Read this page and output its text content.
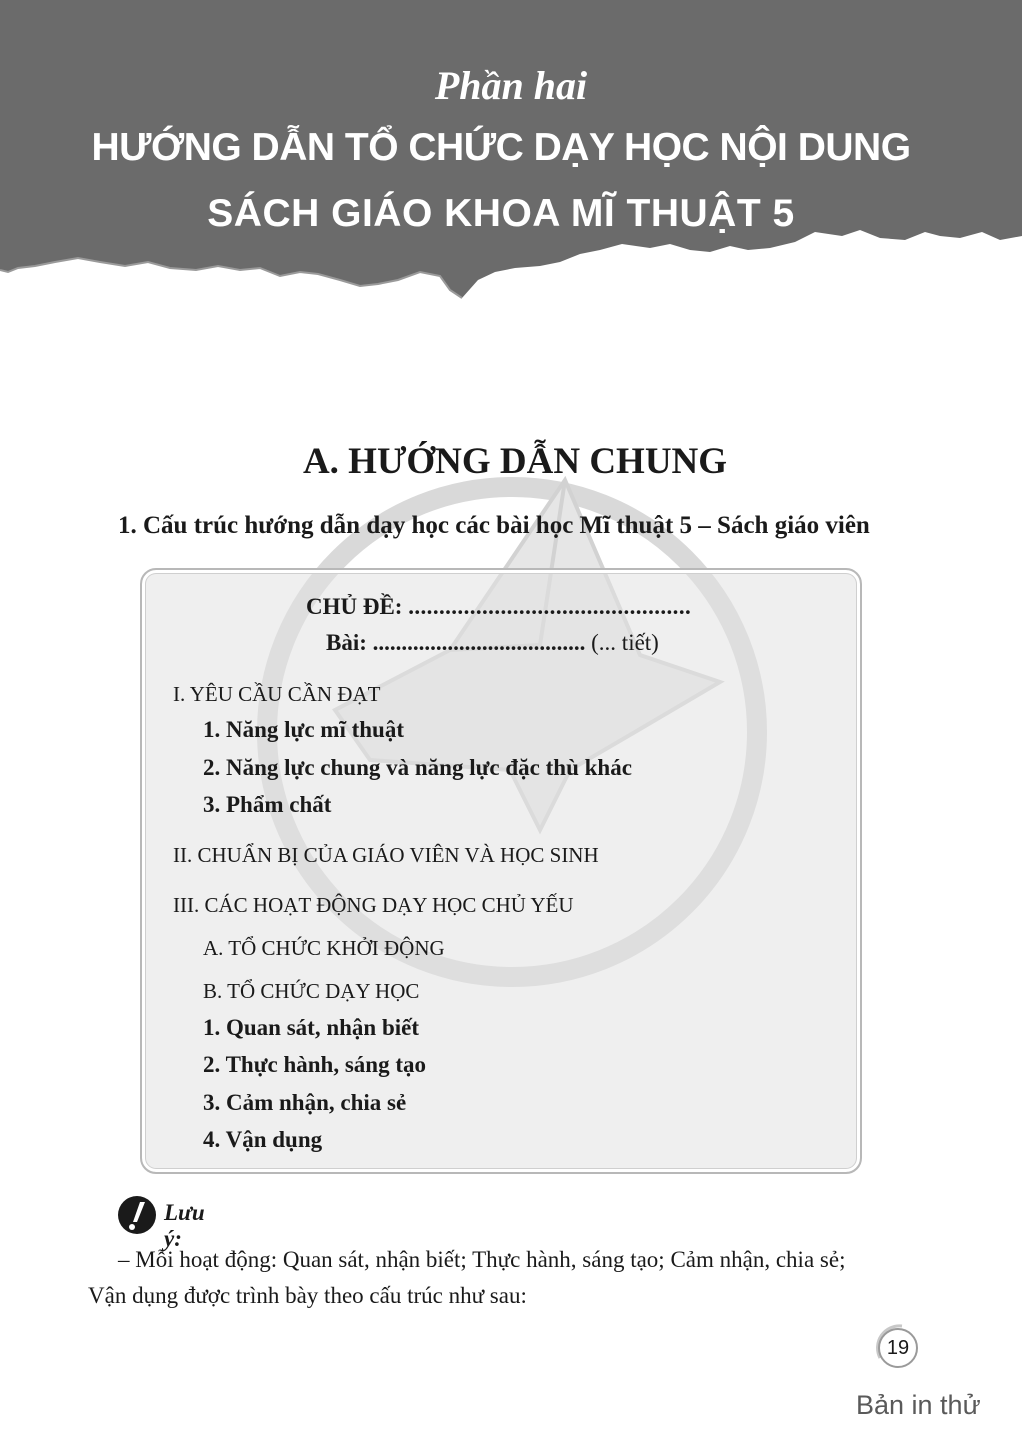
Phần hai
HƯỚNG DẪN TỔ CHỨC DẠY HỌC NỘI DUNG
SÁCH GIÁO KHOA MĨ THUẬT 5
A. HƯỚNG DẪN CHUNG
1. Cấu trúc hướng dẫn dạy học các bài học Mĩ thuật 5 – Sách giáo viên
CHỦ ĐỀ: ..............................................
Bài: ..................................... (... tiết)
I. YÊU CẦU CẦN ĐẠT
1. Năng lực mĩ thuật
2. Năng lực chung và năng lực đặc thù khác
3. Phẩm chất
II. CHUẨN BỊ CỦA GIÁO VIÊN VÀ HỌC SINH
III. CÁC HOẠT ĐỘNG DẠY HỌC CHỦ YẾU
A. TỔ CHỨC KHỞI ĐỘNG
B. TỔ CHỨC DẠY HỌC
1. Quan sát, nhận biết
2. Thực hành, sáng tạo
3. Cảm nhận, chia sẻ
4. Vận dụng
Lưu ý:
– Mỗi hoạt động: Quan sát, nhận biết; Thực hành, sáng tạo; Cảm nhận, chia sẻ;
Vận dụng được trình bày theo cấu trúc như sau:
19
Bản in thử
